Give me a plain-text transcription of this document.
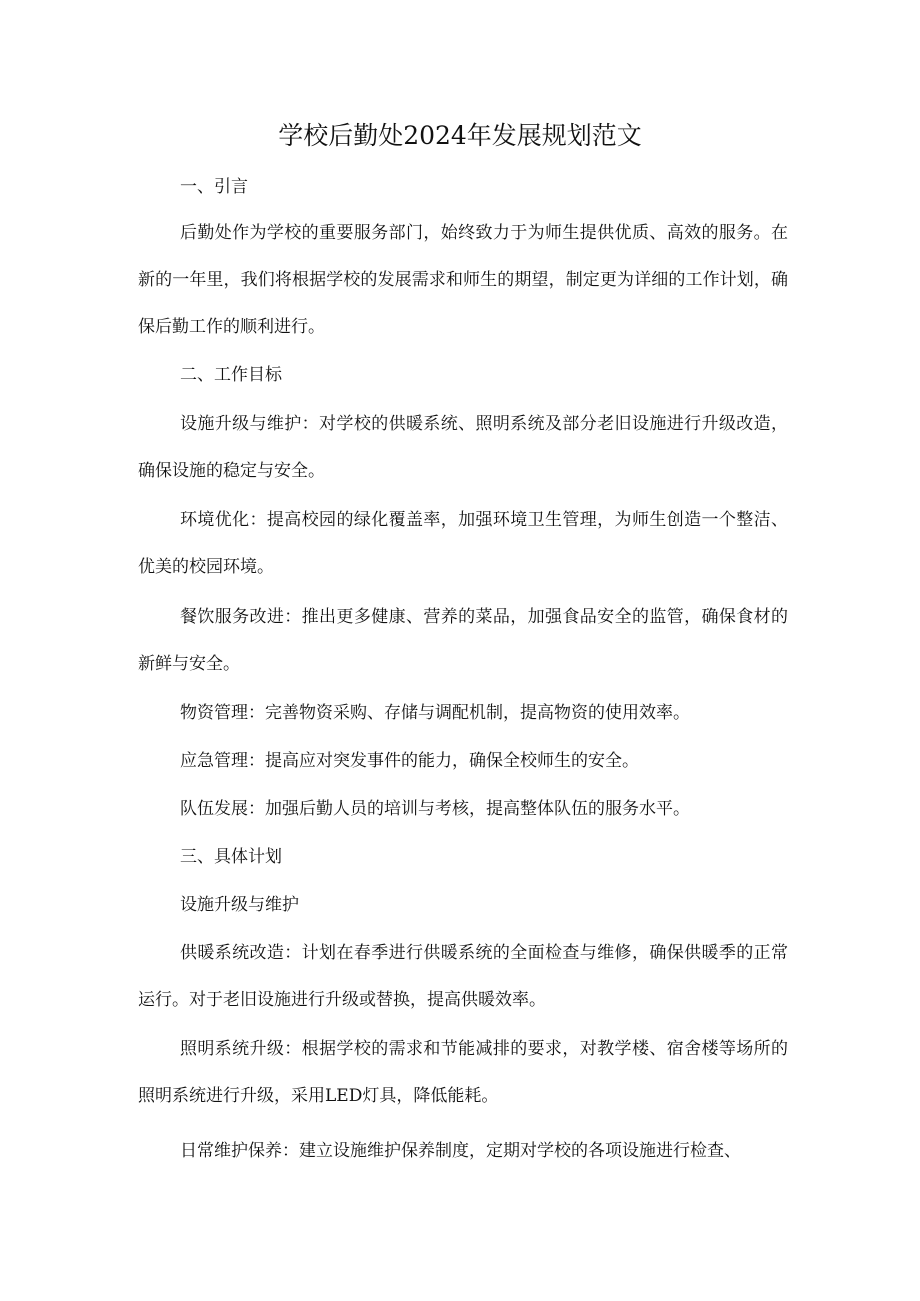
学校后勤处2024年发展规划范文

一、引言

后勤处作为学校的重要服务部门，始终致力于为师生提供优质、高效的服务。在新的一年里，我们将根据学校的发展需求和师生的期望，制定更为详细的工作计划，确保后勤工作的顺利进行。

二、工作目标

设施升级与维护：对学校的供暖系统、照明系统及部分老旧设施进行升级改造，确保设施的稳定与安全。

环境优化：提高校园的绿化覆盖率，加强环境卫生管理，为师生创造一个整洁、优美的校园环境。

餐饮服务改进：推出更多健康、营养的菜品，加强食品安全的监管，确保食材的新鲜与安全。

物资管理：完善物资采购、存储与调配机制，提高物资的使用效率。

应急管理：提高应对突发事件的能力，确保全校师生的安全。

队伍发展：加强后勤人员的培训与考核，提高整体队伍的服务水平。

三、具体计划

设施升级与维护

供暖系统改造：计划在春季进行供暖系统的全面检查与维修，确保供暖季的正常运行。对于老旧设施进行升级或替换，提高供暖效率。

照明系统升级：根据学校的需求和节能减排的要求，对教学楼、宿舍楼等场所的照明系统进行升级，采用LED灯具，降低能耗。

日常维护保养：建立设施维护保养制度，定期对学校的各项设施进行检查、
